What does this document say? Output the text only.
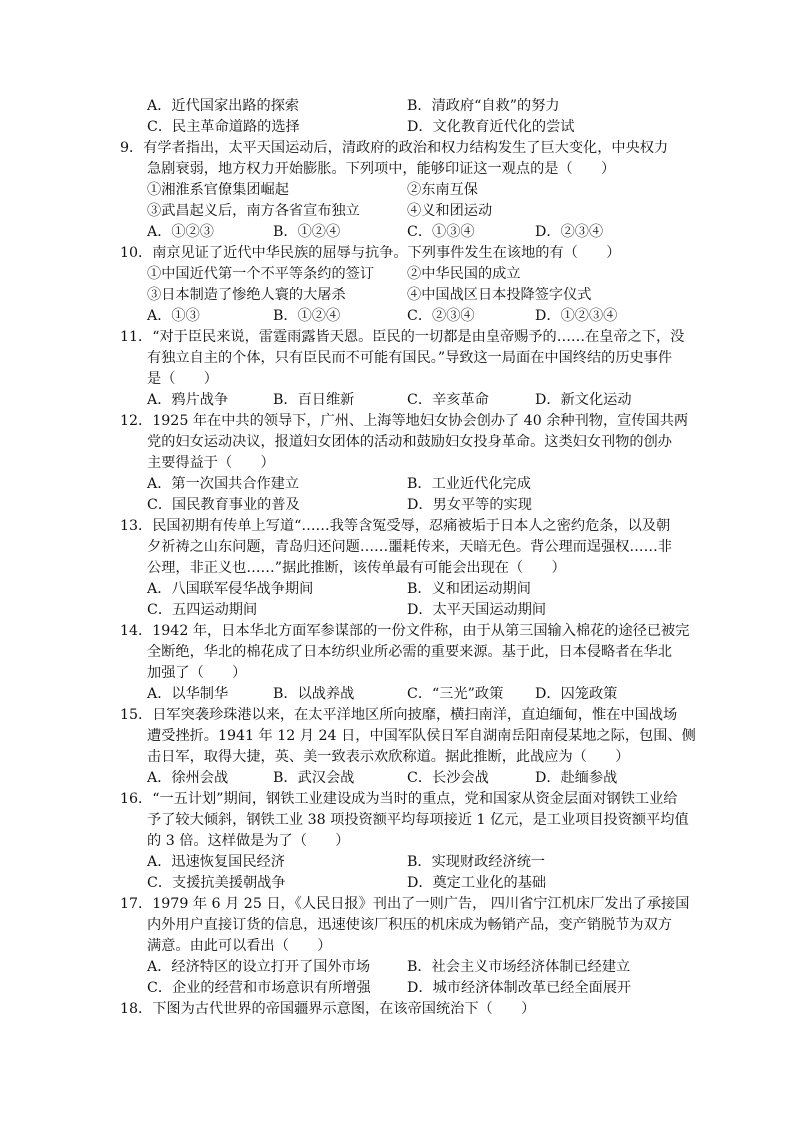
A．近代国家出路的探索	B．清政府“自救”的努力
C．民主革命道路的选择	D．文化教育近代化的尝试
9．有学者指出，太平天国运动后，清政府的政治和权力结构发生了巨大变化，中央权力
急剧衰弱，地方权力开始膨胀。下列项中，能够印证这一观点的是（　　）
①湘淮系官僚集团崛起	②东南互保
③武昌起义后，南方各省宣布独立	④义和团运动
A．①②③	B．①②④	C．①③④	D．②③④
10．南京见证了近代中华民族的屈辱与抗争。下列事件发生在该地的有（　　）
①中国近代第一个不平等条约的签订 ②中华民国的成立
③日本制造了惨绝人寰的大屠杀	④中国战区日本投降签字仪式
A．①③	B．①②④	C．②③④	D．①②③④
11．“对于臣民来说，雷霆雨露皆天恩。臣民的一切都是由皇帝赐予的……在皇帝之下，没
有独立自主的个体，只有臣民而不可能有国民。”导致这一局面在中国终结的历史事件
是（　　）
A．鸦片战争	B．百日维新	C．辛亥革命	D．新文化运动
12．1925 年在中共的领导下，广州、上海等地妇女协会创办了 40 余种刊物，宣传国共两
党的妇女运动决议，报道妇女团体的活动和鼓励妇女投身革命。这类妇女刊物的创办
主要得益于（　　）
A．第一次国共合作建立	B．工业近代化完成
C．国民教育事业的普及	D．男女平等的实现
13．民国初期有传单上写道“……我等含冤受辱，忍痛被垢于日本人之密约危条，以及朝
夕祈祷之山东问题，青岛归还问题……噩耗传来，天暗无色。背公理而逞强权……非
公理，非正义也……”据此推断，该传单最有可能会出现在（　　）
A．八国联军侵华战争期间	B．义和团运动期间
C．五四运动期间	D．太平天国运动期间
14．1942 年，日本华北方面军参谋部的一份文件称，由于从第三国输入棉花的途径已被完
全断绝，华北的棉花成了日本纺织业所必需的重要来源。基于此，日本侵略者在华北
加强了（　　）
A．以华制华	B．以战养战	C．“三光”政策 D．囚笼政策
15．日军突袭珍珠港以来，在太平洋地区所向披靡，横扫南洋，直迫缅甸，惟在中国战场
遭受挫折。1941 年 12 月 24 日，中国军队侯日军自湖南岳阳南侵某地之际，包围、侧
击日军，取得大捷，英、美一致表示欢欣称道。据此推断，此战应为（　　）
A．徐州会战	B．武汉会战	C．长沙会战	D．赴缅参战
16．“一五计划”期间，钢铁工业建设成为当时的重点，党和国家从资金层面对钢铁工业给
予了较大倾斜，钢铁工业 38 项投资额平均每项接近 1 亿元，是工业项目投资额平均值
的 3 倍。这样做是为了（　　）
A．迅速恢复国民经济	B．实现财政经济统一
C．支援抗美援朝战争	D．奠定工业化的基础
17．1979 年 6 月 25 日，《人民日报》刊出了一则广告， 四川省宁江机床厂发出了承接国
内外用户直接订货的信息，迅速使该厂积压的机床成为畅销产品，变产销脱节为双方
满意。由此可以看出（　　）
A．经济特区的设立打开了国外市场	B．社会主义市场经济体制已经建立
C．企业的经营和市场意识有所增强	D．城市经济体制改革已经全面展开
18．下图为古代世界的帝国疆界示意图，在该帝国统治下（　　）
